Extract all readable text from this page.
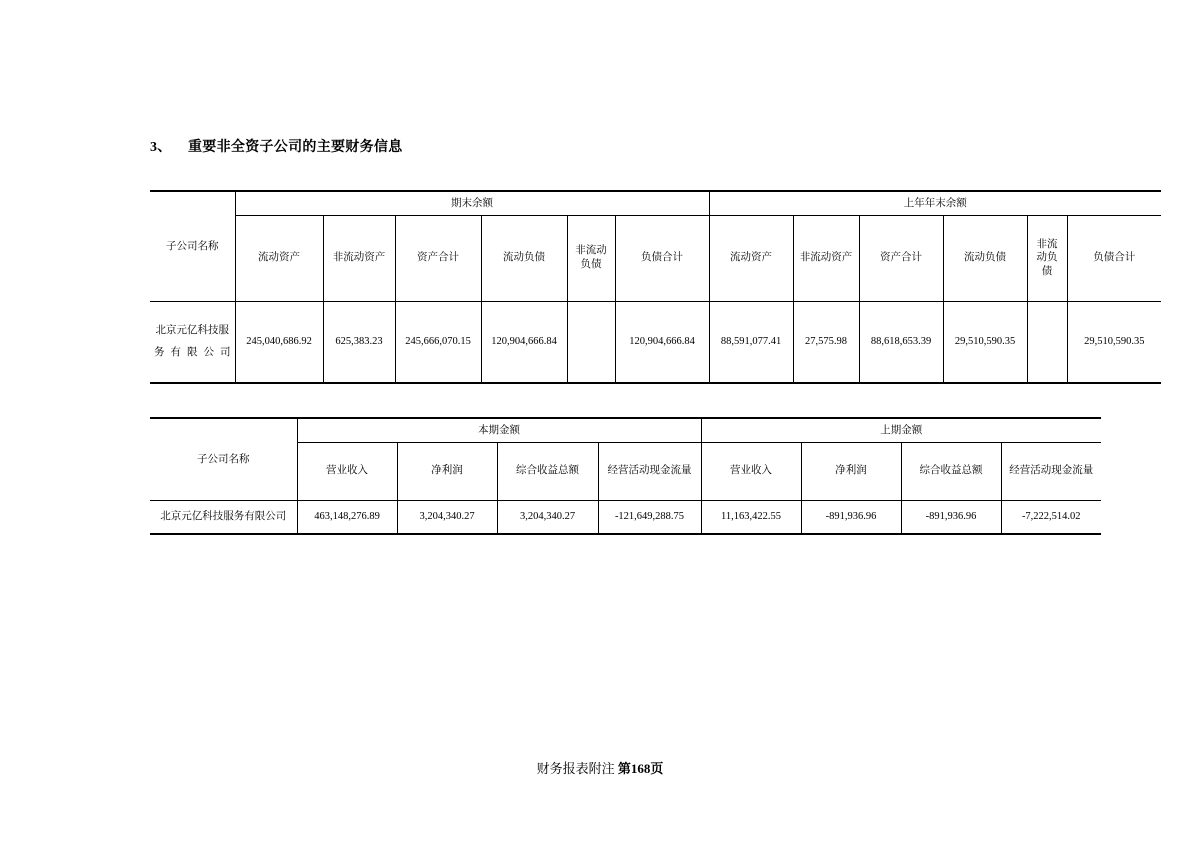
3、 重要非全资子公司的主要财务信息
子公司名称	期末余额						上年年末余额					
	流动资产	非流动资产	资产合计	流动负债	非流动负债	负债合计	流动资产	非流动资产	资产合计	流动负债	非流动负债	负债合计
北京元亿科技服务有限公司	245,040,686.92	625,383.23	245,666,070.15	120,904,666.84		120,904,666.84	88,591,077.41	27,575.98	88,618,653.39	29,510,590.35		29,510,590.35
子公司名称	本期金额				上期金额			
	营业收入	净利润	综合收益总额	经营活动现金流量	营业收入	净利润	综合收益总额	经营活动现金流量
北京元亿科技服务有限公司	463,148,276.89	3,204,340.27	3,204,340.27	-121,649,288.75	11,163,422.55	-891,936.96	-891,936.96	-7,222,514.02
财务报表附注 第168页
